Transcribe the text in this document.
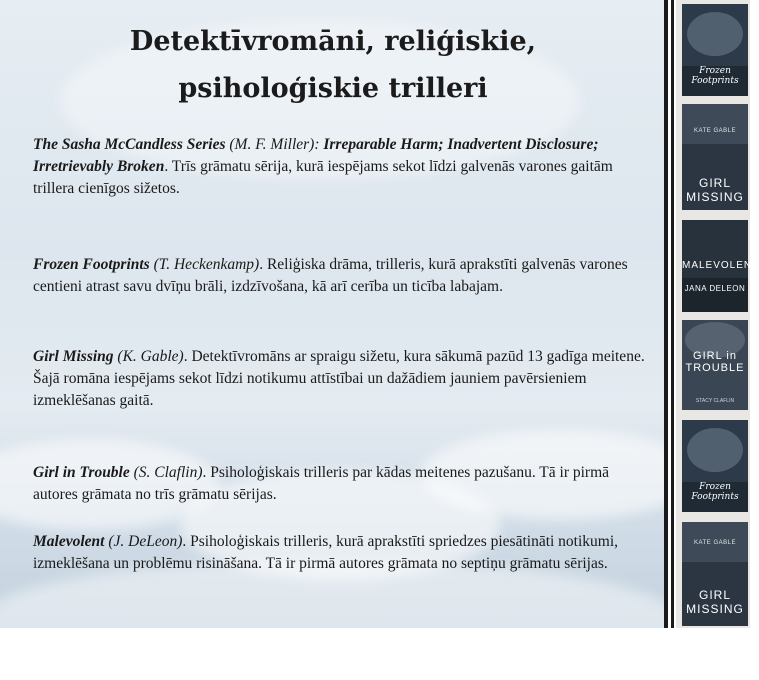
Detektīvromāni, reliģiskie,
psiholoģiskie trilleri

The Sasha McCandless Series (M. F. Miller): Irreparable Harm; Inadvertent Disclosure; Irretrievably Broken. Trīs grāmatu sērija, kurā iespējams sekot līdzi galvenās varones gaitām trillera cienīgos sižetos.

Frozen Footprints (T. Heckenkamp). Reliģiska drāma, trilleris, kurā aprakstīti galvenās varones centieni atrast savu dvīņu brāli, izdzīvošana, kā arī cerība un ticība labajam.

Girl Missing (K. Gable). Detektīvromāns ar spraigu sižetu, kura sākumā pazūd 13 gadīga meitene. Šajā romāna iespējams sekot līdzi notikumu attīstībai un dažādiem jauniem pavērsieniem izmeklēšanas gaitā.

Girl in Trouble (S. Claflin). Psiholoģiskais trilleris par kādas meitenes pazušanu. Tā ir pirmā autores grāmata no trīs grāmatu sērijas.

Malevolent (J. DeLeon). Psiholoģiskais trilleris, kurā aprakstīti spriedzes piesātināti notikumi, izmeklēšana un problēmu risināšana. Tā ir pirmā autores grāmata no septiņu grāmatu sērijas.

Frozen Footprints
KATE GABLE
GIRL MISSING
MALEVOLENT
JANA DELEON
GIRL in TROUBLE
STACY CLAFLIN
Frozen Footprints
KATE GABLE
GIRL MISSING
